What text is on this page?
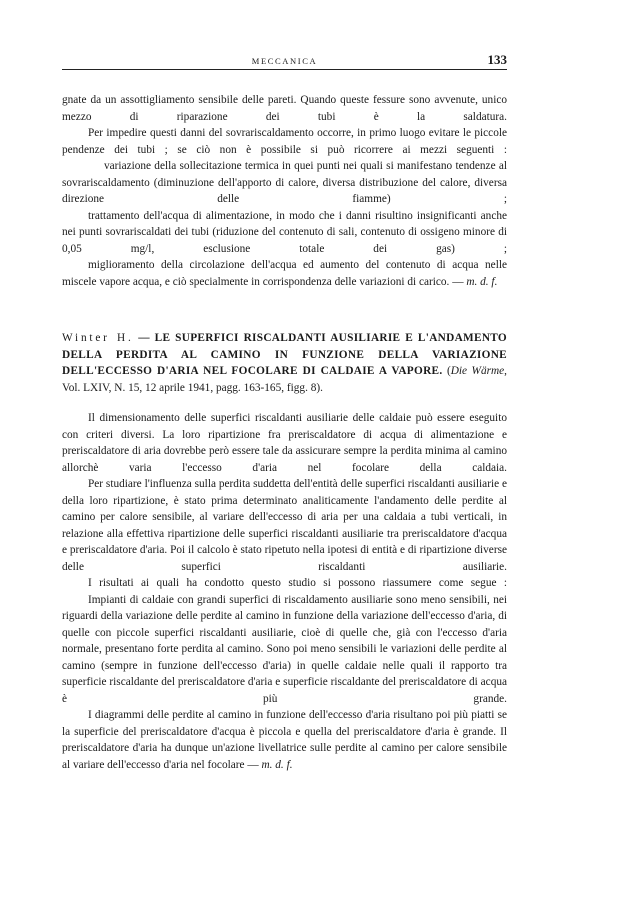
MECCANICA	133

gnate da un assottigliamento sensibile delle pareti. Quando queste fessure sono avvenute, unico mezzo di riparazione dei tubi è la saldatura.

Per impedire questi danni del sovrariscaldamento occorre, in primo luogo evitare le piccole pendenze dei tubi ; se ciò non è possibile si può ricorrere ai mezzi seguenti :

variazione della sollecitazione termica in quei punti nei quali si manifestano tendenze al sovrariscaldamento (diminuzione dell'apporto di calore, diversa distribuzione del calore, diversa direzione delle fiamme) ;

trattamento dell'acqua di alimentazione, in modo che i danni risultino insignificanti anche nei punti sovrariscaldati dei tubi (riduzione del contenuto di sali, contenuto di ossigeno minore di 0,05 mg/l, esclusione totale dei gas) ;

miglioramento della circolazione dell'acqua ed aumento del contenuto di acqua nelle miscele vapore acqua, e ciò specialmente in corrispondenza delle variazioni di carico. — m. d. f.

Winter H. — LE SUPERFICI RISCALDANTI AUSILIARIE E L'ANDAMENTO DELLA PERDITA AL CAMINO IN FUNZIONE DELLA VARIAZIONE DELL'ECCESSO D'ARIA NEL FOCOLARE DI CALDAIE A VAPORE. (Die Wärme, Vol. LXIV, N. 15, 12 aprile 1941, pagg. 163-165, figg. 8).

Il dimensionamento delle superfici riscaldanti ausiliarie delle caldaie può essere eseguito con criteri diversi. La loro ripartizione fra preriscaldatore di acqua di alimentazione e preriscaldatore di aria dovrebbe però essere tale da assicurare sempre la perdita minima al camino allorchè varia l'eccesso d'aria nel focolare della caldaia.

Per studiare l'influenza sulla perdita suddetta dell'entità delle superfici riscaldanti ausiliarie e della loro ripartizione, è stato prima determinato analiticamente l'andamento delle perdite al camino per calore sensibile, al variare dell'eccesso di aria per una caldaia a tubi verticali, in relazione alla effettiva ripartizione delle superfici riscaldanti ausiliarie tra preriscaldatore d'acqua e preriscaldatore d'aria. Poi il calcolo è stato ripetuto nella ipotesi di entità e di ripartizione diverse delle superfici riscaldanti ausiliarie.

I risultati ai quali ha condotto questo studio si possono riassumere come segue :

Impianti di caldaie con grandi superfici di riscaldamento ausiliarie sono meno sensibili, nei riguardi della variazione delle perdite al camino in funzione della variazione dell'eccesso d'aria, di quelle con piccole superfici riscaldanti ausiliarie, cioè di quelle che, già con l'eccesso d'aria normale, presentano forte perdita al camino. Sono poi meno sensibili le variazioni delle perdite al camino (sempre in funzione dell'eccesso d'aria) in quelle caldaie nelle quali il rapporto tra superficie riscaldante del preriscaldatore d'aria e superficie riscaldante del preriscaldatore di acqua è più grande.

I diagrammi delle perdite al camino in funzione dell'eccesso d'aria risultano poi più piatti se la superficie del preriscaldatore d'acqua è piccola e quella del preriscaldatore d'aria è grande. Il preriscaldatore d'aria ha dunque un'azione livellatrice sulle perdite al camino per calore sensibile al variare dell'eccesso d'aria nel focolare — m. d. f.
